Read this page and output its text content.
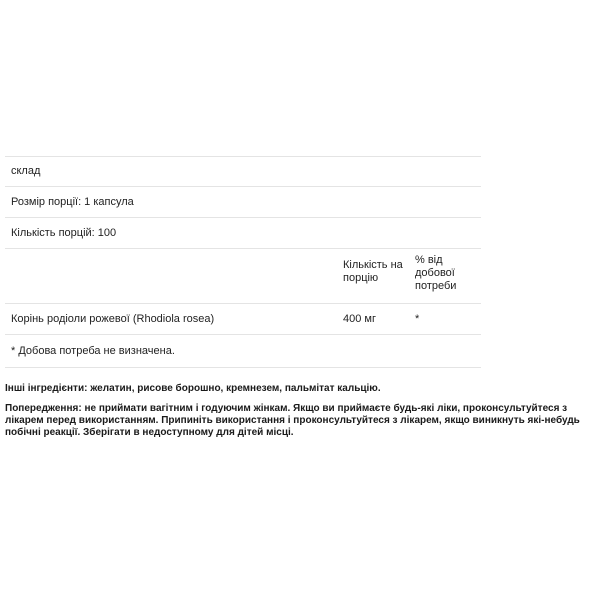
склад
Розмір порції: 1 капсула
Кількість порцій: 100
Кількість на порцію
% від добової потреби
Корінь родіоли рожевої (Rhodiola rosea)	400 мг	*
* Добова потреба не визначена.
Інші інгредієнти: желатин, рисове борошно, кремнезем, пальмітат кальцію.

Попередження: не приймати вагітним і годуючим жінкам. Якщо ви приймаєте будь-які ліки, проконсультуйтеся з лікарем перед використанням. Припиніть використання і проконсультуйтеся з лікарем, якщо виникнуть які-небудь побічні реакції. Зберігати в недоступному для дітей місці.
